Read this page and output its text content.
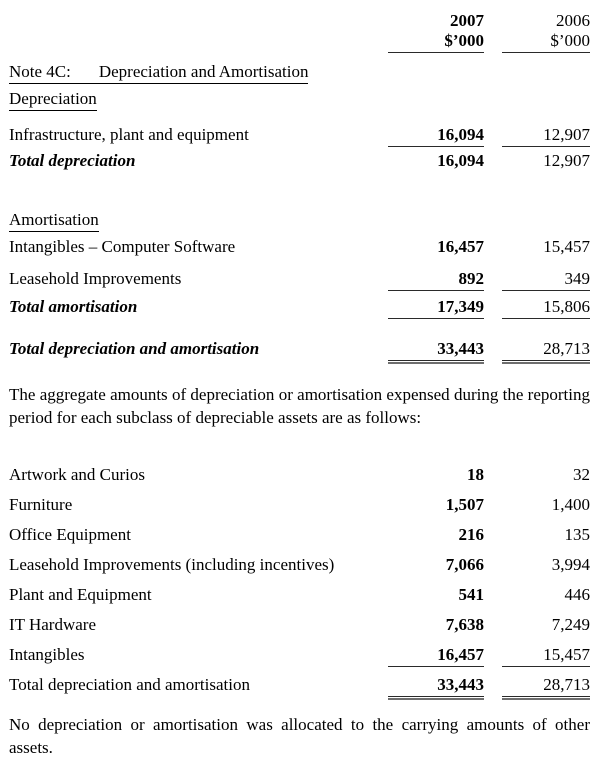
2007	2006
$’000	$’000
Note 4C: Depreciation and Amortisation
Depreciation
Infrastructure, plant and equipment	16,094	12,907
Total depreciation	16,094	12,907
Amortisation
Intangibles – Computer Software	16,457	15,457
Leasehold Improvements	892	349
Total amortisation	17,349	15,806
Total depreciation and amortisation	33,443	28,713

The aggregate amounts of depreciation or amortisation expensed during the reporting period for each subclass of depreciable assets are as follows:

Artwork and Curios	18	32
Furniture	1,507	1,400
Office Equipment	216	135
Leasehold Improvements (including incentives)	7,066	3,994
Plant and Equipment	541	446
IT Hardware	7,638	7,249
Intangibles	16,457	15,457
Total depreciation and amortisation	33,443	28,713

No depreciation or amortisation was allocated to the carrying amounts of other assets.
